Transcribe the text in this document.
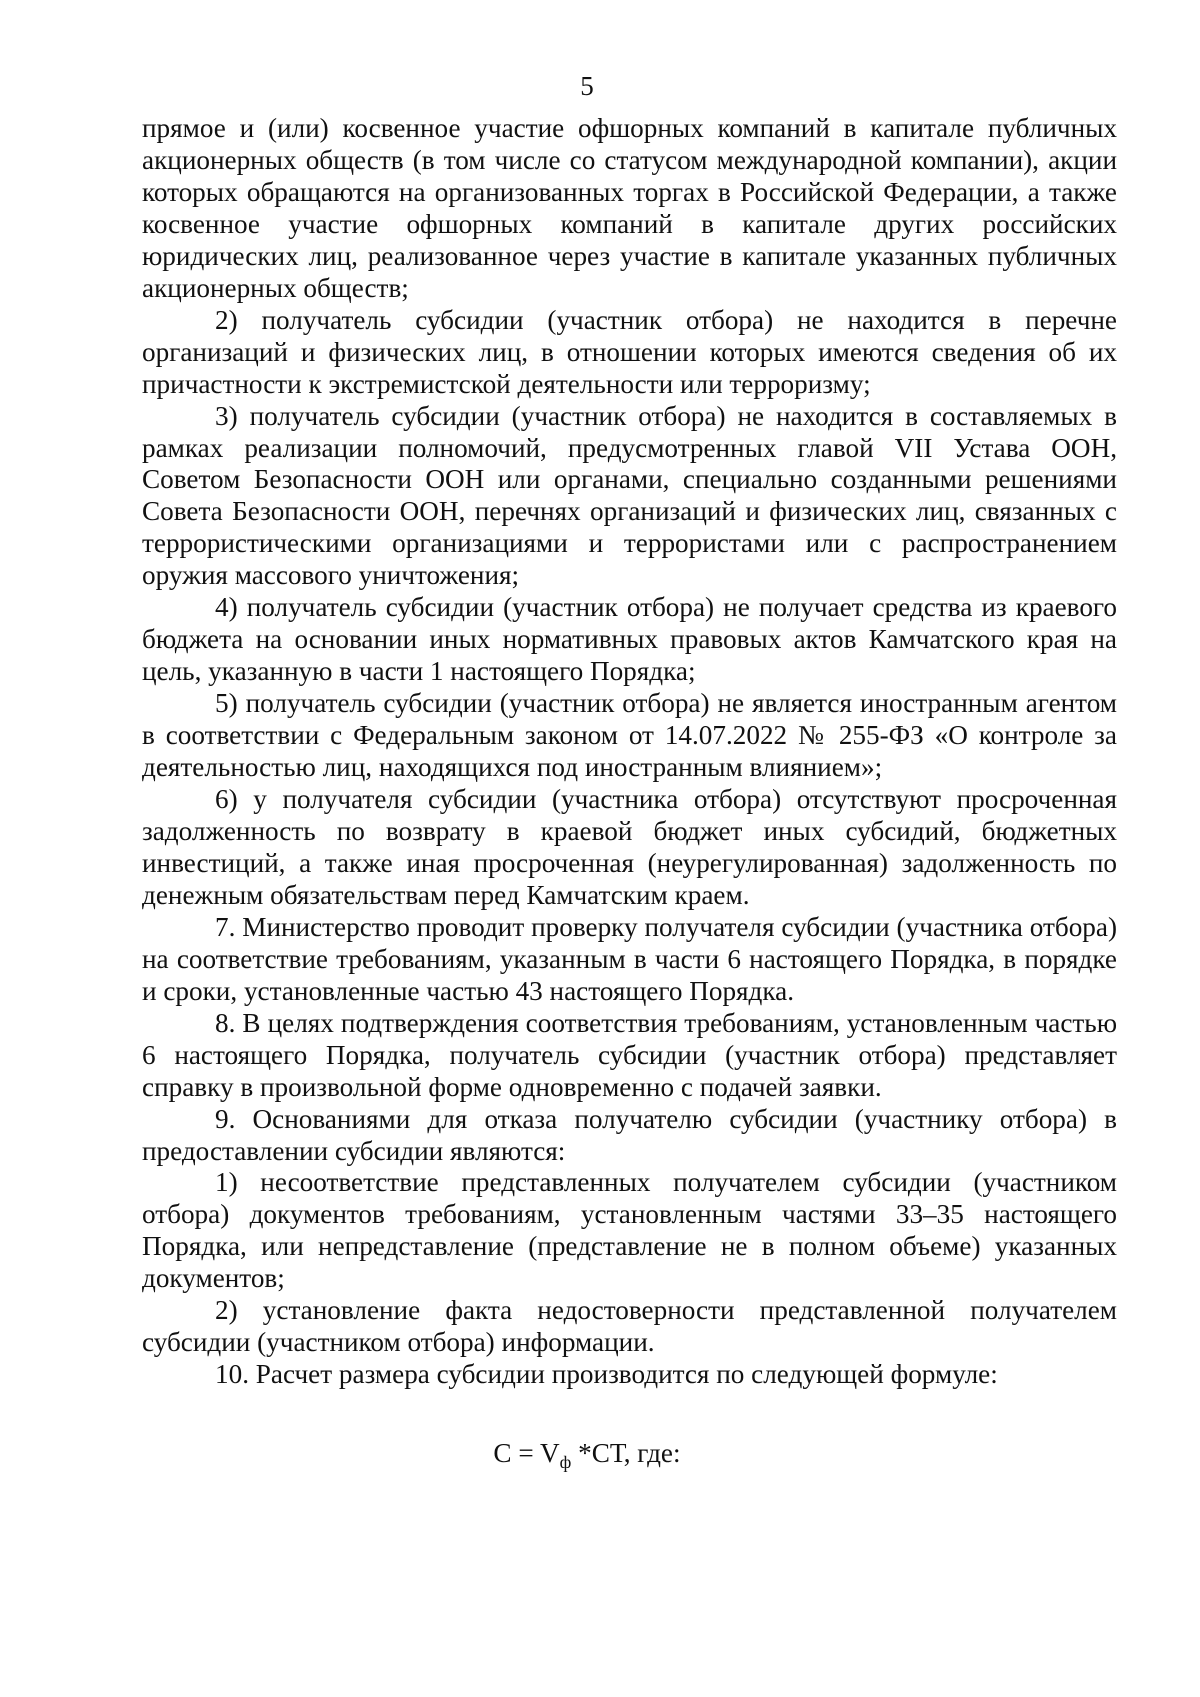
5

прямое и (или) косвенное участие офшорных компаний в капитале публичных акционерных обществ (в том числе со статусом международной компании), акции которых обращаются на организованных торгах в Российской Федерации, а также косвенное участие офшорных компаний в капитале других российских юридических лиц, реализованное через участие в капитале указанных публичных акционерных обществ;

2) получатель субсидии (участник отбора) не находится в перечне организаций и физических лиц, в отношении которых имеются сведения об их причастности к экстремистской деятельности или терроризму;

3) получатель субсидии (участник отбора) не находится в составляемых в рамках реализации полномочий, предусмотренных главой VII Устава ООН, Советом Безопасности ООН или органами, специально созданными решениями Совета Безопасности ООН, перечнях организаций и физических лиц, связанных с террористическими организациями и террористами или с распространением оружия массового уничтожения;

4) получатель субсидии (участник отбора) не получает средства из краевого бюджета на основании иных нормативных правовых актов Камчатского края на цель, указанную в части 1 настоящего Порядка;

5) получатель субсидии (участник отбора) не является иностранным агентом в соответствии с Федеральным законом от 14.07.2022 № 255-ФЗ «О контроле за деятельностью лиц, находящихся под иностранным влиянием»;

6) у получателя субсидии (участника отбора) отсутствуют просроченная задолженность по возврату в краевой бюджет иных субсидий, бюджетных инвестиций, а также иная просроченная (неурегулированная) задолженность по денежным обязательствам перед Камчатским краем.

7. Министерство проводит проверку получателя субсидии (участника отбора) на соответствие требованиям, указанным в части 6 настоящего Порядка, в порядке и сроки, установленные частью 43 настоящего Порядка.

8. В целях подтверждения соответствия требованиям, установленным частью 6 настоящего Порядка, получатель субсидии (участник отбора) представляет справку в произвольной форме одновременно с подачей заявки.

9. Основаниями для отказа получателю субсидии (участнику отбора) в предоставлении субсидии являются:

1) несоответствие представленных получателем субсидии (участником отбора) документов требованиям, установленным частями 33–35 настоящего Порядка, или непредставление (представление не в полном объеме) указанных документов;

2) установление факта недостоверности представленной получателем субсидии (участником отбора) информации.

10. Расчет размера субсидии производится по следующей формуле:

$C = V_ф$ *СТ, где:
